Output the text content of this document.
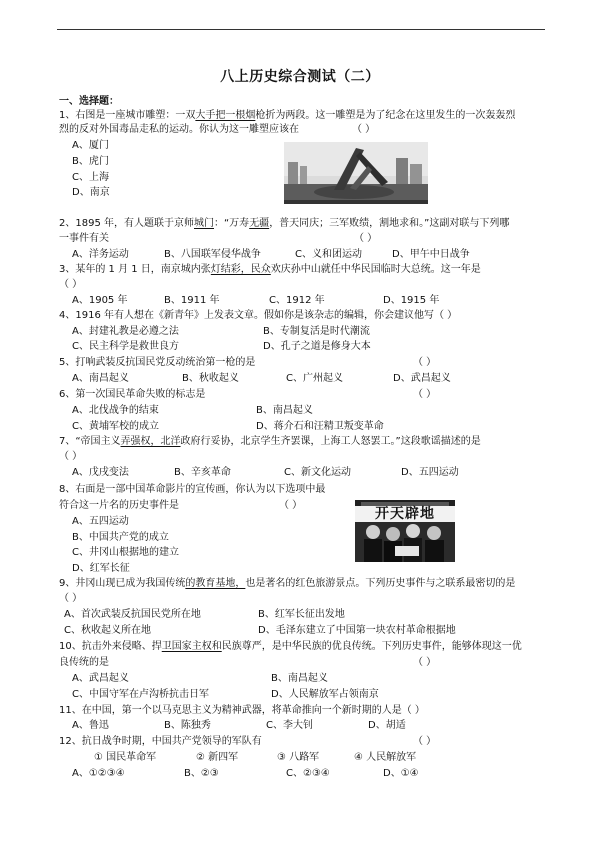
八上历史综合测试（二）
一、选择题：
1、右图是一座城市雕塑：一双大手把一根烟枪折为两段。这一雕塑是为了纪念在这里发生的一次轰轰烈
烈的反对外国毒品走私的运动。你认为这一雕塑应该在	（ ）
A、厦门
B、虎门
C、上海
D、南京
2、1895 年，有人题联于京师城门：“万寿无疆，普天同庆；三军败绩，割地求和。”这副对联与下列哪
一事件有关	（ ）
A、洋务运动	B、八国联军侵华战争	C、义和团运动	D、甲午中日战争
3、某年的 1 月 1 日，南京城内张灯结彩，民众欢庆孙中山就任中华民国临时大总统。这一年是
（ ）
A、1905 年	B、1911 年	C、1912 年	D、1915 年
4、1916 年有人想在《新青年》上发表文章。假如你是该杂志的编辑，你会建议他写（ ）
A、封建礼教是必遵之法	B、专制复活是时代潮流
C、民主科学是救世良方	D、孔子之道是修身大本
5、打响武装反抗国民党反动统治第一枪的是	（ ）
A、南昌起义	B、秋收起义	C、广州起义	D、武昌起义
6、第一次国民革命失败的标志是	（ ）
A、北伐战争的结束	B、南昌起义
C、黄埔军校的成立	D、蒋介石和汪精卫叛变革命
7、“帝国主义弄强权，北洋政府行妥协，北京学生齐罢课，上海工人怒罢工。”这段歌谣描述的是
（ ）
A、戊戌变法	B、辛亥革命	C、新文化运动	D、五四运动
8、右面是一部中国革命影片的宣传画，你认为以下选项中最
符合这一片名的历史事件是	（ ）
A、五四运动
B、中国共产党的成立
C、井冈山根据地的建立
D、红军长征
开天辟地
9、井冈山现已成为我国传统的教育基地，也是著名的红色旅游景点。下列历史事件与之联系最密切的是
（ ）
A、首次武装反抗国民党所在地	B、红军长征出发地
C、秋收起义所在地	D、毛泽东建立了中国第一块农村革命根据地
10、抗击外来侵略、捍卫国家主权和民族尊严，是中华民族的优良传统。下列历史事件，能够体现这一优
良传统的是	（ ）
A、武昌起义	B、南昌起义
C、中国守军在卢沟桥抗击日军	D、人民解放军占领南京
11、在中国，第一个以马克思主义为精神武器，将革命推向一个新时期的人是（ ）
A、鲁迅	B、陈独秀	C、李大钊	D、胡适
12、抗日战争时期，中国共产党领导的军队有	（ ）
① 国民革命军	② 新四军	③ 八路军	④ 人民解放军
A、①②③④	B、②③	C、②③④	D、①④
